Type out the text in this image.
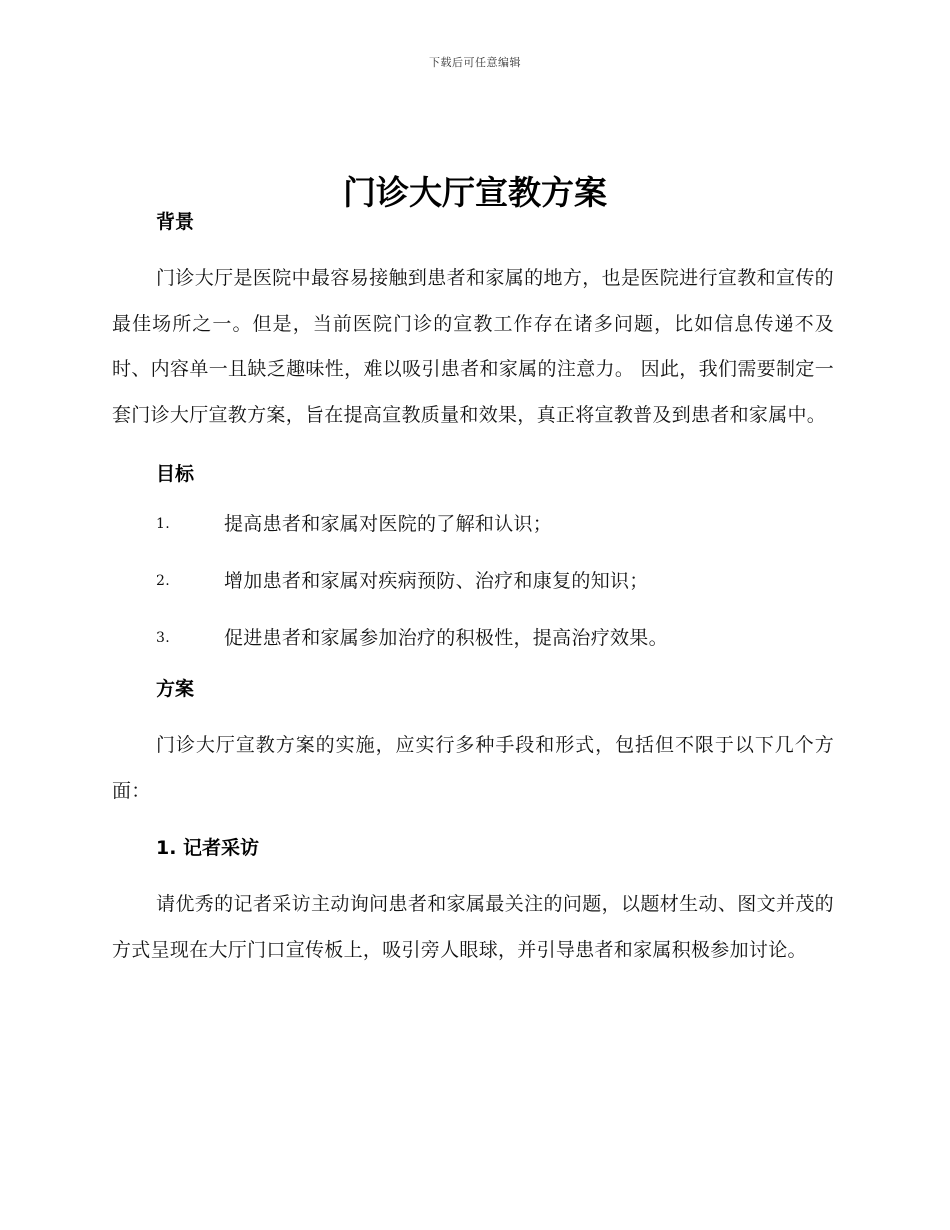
下载后可任意编辑
门诊大厅宣教方案
背景

门诊大厅是医院中最容易接触到患者和家属的地方，也是医院进行宣教和宣传的最佳场所之一。但是，当前医院门诊的宣教工作存在诸多问题，比如信息传递不及时、内容单一且缺乏趣味性，难以吸引患者和家属的注意力。 因此，我们需要制定一套门诊大厅宣教方案，旨在提高宣教质量和效果，真正将宣教普及到患者和家属中。

目标
1.	提高患者和家属对医院的了解和认识；
2.	增加患者和家属对疾病预防、治疗和康复的知识；
3.	促进患者和家属参加治疗的积极性，提高治疗效果。
方案

门诊大厅宣教方案的实施，应实行多种手段和形式，包括但不限于以下几个方面：

1. 记者采访

请优秀的记者采访主动询问患者和家属最关注的问题，以题材生动、图文并茂的方式呈现在大厅门口宣传板上，吸引旁人眼球，并引导患者和家属积极参加讨论。
